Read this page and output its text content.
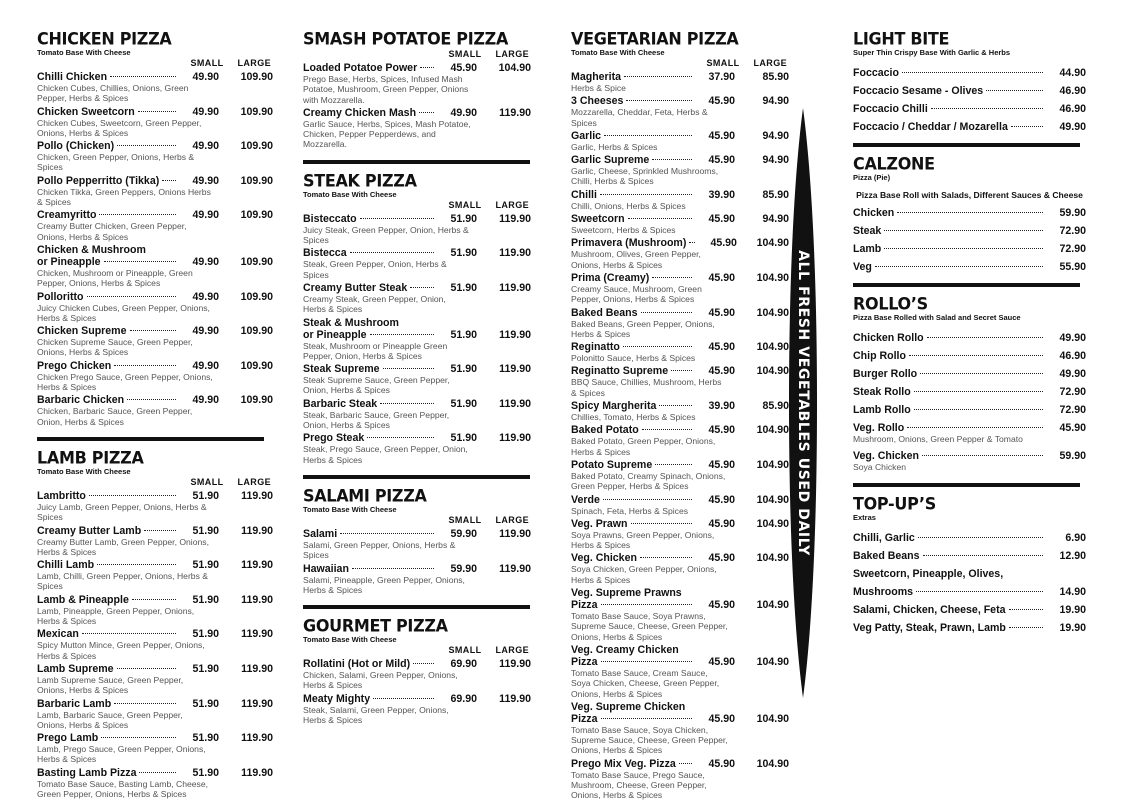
CHICKEN PIZZA
Tomato Base With Cheese
SMALL LARGE
Chilli Chicken	49.90	109.90
Chicken Cubes, Chillies, Onions, Green Pepper, Herbs & Spices
Chicken Sweetcorn	49.90	109.90
Chicken Cubes, Sweetcorn, Green Pepper, Onions, Herbs & Spices
Pollo (Chicken)	49.90	109.90
Chicken, Green Pepper, Onions, Herbs & Spices
Pollo Pepperritto (Tikka)	49.90	109.90
Chicken Tikka, Green Peppers, Onions Herbs & Spices
Creamyritto	49.90	109.90
Creamy Butter Chicken, Green Pepper, Onions, Herbs & Spices
Chicken & Mushroom
or Pineapple	49.90	109.90
Chicken, Mushroom or Pineapple, Green Pepper, Onions, Herbs & Spices
Polloritto	49.90	109.90
Juicy Chicken Cubes, Green Pepper, Onions, Herbs & Spices
Chicken Supreme	49.90	109.90
Chicken Supreme Sauce, Green Pepper, Onions, Herbs & Spices
Prego Chicken	49.90	109.90
Chicken Prego Sauce, Green Pepper, Onions, Herbs & Spices
Barbaric Chicken	49.90	109.90
Chicken, Barbaric Sauce, Green Pepper, Onion, Herbs & Spices
LAMB PIZZA
Tomato Base With Cheese
SMALL LARGE
Lambritto	51.90	119.90
Juicy Lamb, Green Pepper, Onions, Herbs & Spices
Creamy Butter Lamb	51.90	119.90
Creamy Butter Lamb, Green Pepper, Onions, Herbs & Spices
Chilli Lamb	51.90	119.90
Lamb, Chilli, Green Pepper, Onions, Herbs & Spices
Lamb & Pineapple	51.90	119.90
Lamb, Pineapple, Green Pepper, Onions, Herbs & Spices
Mexican	51.90	119.90
Spicy Mutton Mince, Green Pepper, Onions, Herbs & Spices
Lamb Supreme	51.90	119.90
Lamb Supreme Sauce, Green Pepper, Onions, Herbs & Spices
Barbaric Lamb	51.90	119.90
Lamb, Barbaric Sauce, Green Pepper, Onions, Herbs & Spices
Prego Lamb	51.90	119.90
Lamb, Prego Sauce, Green Pepper, Onions, Herbs & Spices
Basting Lamb Pizza	51.90	119.90
Tomato Base Sauce, Basting Lamb, Cheese, Green Pepper, Onions, Herbs & Spices
SMASH POTATOE PIZZA
SMALL LARGE
Loaded Potatoe Power	45.90	104.90
Prego Base, Herbs, Spices, Infused Mash Potatoe, Mushroom, Green Pepper, Onions with Mozzarella.
Creamy Chicken Mash	49.90	119.90
Garlic Sauce, Herbs, Spices, Mash Potatoe, Chicken, Pepper Pepperdews, and Mozzarella.
STEAK PIZZA
Tomato Base With Cheese
SMALL LARGE
Bisteccato	51.90	119.90
Juicy Steak, Green Pepper, Onion, Herbs & Spices
Bistecca	51.90	119.90
Steak, Green Pepper, Onion, Herbs & Spices
Creamy Butter Steak	51.90	119.90
Creamy Steak, Green Pepper, Onion, Herbs & Spices
Steak & Mushroom
or Pineapple	51.90	119.90
Steak, Mushroom or Pineapple Green Pepper, Onion, Herbs & Spices
Steak Supreme	51.90	119.90
Steak Supreme Sauce, Green Pepper, Onion, Herbs & Spices
Barbaric Steak	51.90	119.90
Steak, Barbaric Sauce, Green Pepper, Onion, Herbs & Spices
Prego Steak	51.90	119.90
Steak, Prego Sauce, Green Pepper, Onion, Herbs & Spices
SALAMI PIZZA
Tomato Base With Cheese
SMALL LARGE
Salami	59.90	119.90
Salami, Green Pepper, Onions, Herbs & Spices
Hawaiian	59.90	119.90
Salami, Pineapple, Green Pepper, Onions, Herbs & Spices
GOURMET PIZZA
Tomato Base With Cheese
SMALL LARGE
Rollatini (Hot or Mild)	69.90	119.90
Chicken, Salami, Green Pepper, Onions, Herbs & Spices
Meaty Mighty	69.90	119.90
Steak, Salami, Green Pepper, Onions, Herbs & Spices
VEGETARIAN PIZZA
Tomato Base With Cheese
SMALL LARGE
Magherita	37.90	85.90
Herbs & Spice
3 Cheeses	45.90	94.90
Mozzarella, Cheddar, Feta, Herbs & Spices
Garlic	45.90	94.90
Garlic, Herbs & Spices
Garlic Supreme	45.90	94.90
Garlic, Cheese, Sprinkled Mushrooms, Chilli, Herbs & Spices
Chilli	39.90	85.90
Chilli, Onions, Herbs & Spices
Sweetcorn	45.90	94.90
Sweetcorn, Herbs & Spices
Primavera (Mushroom)	45.90	104.90
Mushroom, Olives, Green Pepper, Onions, Herbs & Spices
Prima (Creamy)	45.90	104.90
Creamy Sauce, Mushroom, Green Pepper, Onions, Herbs & Spices
Baked Beans	45.90	104.90
Baked Beans, Green Pepper, Onions, Herbs & Spices
Reginatto	45.90	104.90
Polonitto Sauce, Herbs & Spices
Reginatto Supreme	45.90	104.90
BBQ Sauce, Chillies, Mushroom, Herbs & Spices
Spicy Margherita	39.90	85.90
Chillies, Tomato, Herbs & Spices
Baked Potato	45.90	104.90
Baked Potato, Green Pepper, Onions, Herbs & Spices
Potato Supreme	45.90	104.90
Baked Potato, Creamy Spinach, Onions, Green Pepper, Herbs & Spices
Verde	45.90	104.90
Spinach, Feta, Herbs & Spices
Veg. Prawn	45.90	104.90
Soya Prawns, Green Pepper, Onions, Herbs & Spices
Veg. Chicken	45.90	104.90
Soya Chicken, Green Pepper, Onions, Herbs & Spices
Veg. Supreme Prawns
Pizza	45.90	104.90
Tomato Base Sauce, Soya Prawns, Supreme Sauce, Cheese, Green Pepper, Onions, Herbs & Spices
Veg. Creamy Chicken
Pizza	45.90	104.90
Tomato Base Sauce, Cream Sauce, Soya Chicken, Cheese, Green Pepper, Onions, Herbs & Spices
Veg. Supreme Chicken
Pizza	45.90	104.90
Tomato Base Sauce, Soya Chicken, Supreme Sauce, Cheese, Green Pepper, Onions, Herbs & Spices
Prego Mix Veg. Pizza	45.90	104.90
Tomato Base Sauce, Prego Sauce, Mushroom, Cheese, Green Pepper, Onions, Herbs & Spices
LIGHT BITE
Super Thin Crispy Base With Garlic & Herbs
Foccacio	44.90
Foccacio Sesame - Olives	46.90
Foccacio Chilli	46.90
Foccacio / Cheddar / Mozarella	49.90
CALZONE
Pizza (Pie)
Pizza Base Roll with Salads, Different Sauces & Cheese
Chicken	59.90
Steak	72.90
Lamb	72.90
Veg	55.90
ROLLO’S
Pizza Base Rolled with Salad and Secret Sauce
Chicken Rollo	49.90
Chip Rollo	46.90
Burger Rollo	49.90
Steak Rollo	72.90
Lamb Rollo	72.90
Veg. Rollo	45.90
Mushroom, Onions, Green Pepper & Tomato
Veg. Chicken	59.90
Soya Chicken
TOP-UP’S
Extras
Chilli, Garlic	6.90
Baked Beans	12.90
Sweetcorn, Pineapple, Olives,
Mushrooms	14.90
Salami, Chicken, Cheese, Feta	19.90
Veg Patty, Steak, Prawn, Lamb	19.90
ALL FRESH VEGETABLES USED DAILY
